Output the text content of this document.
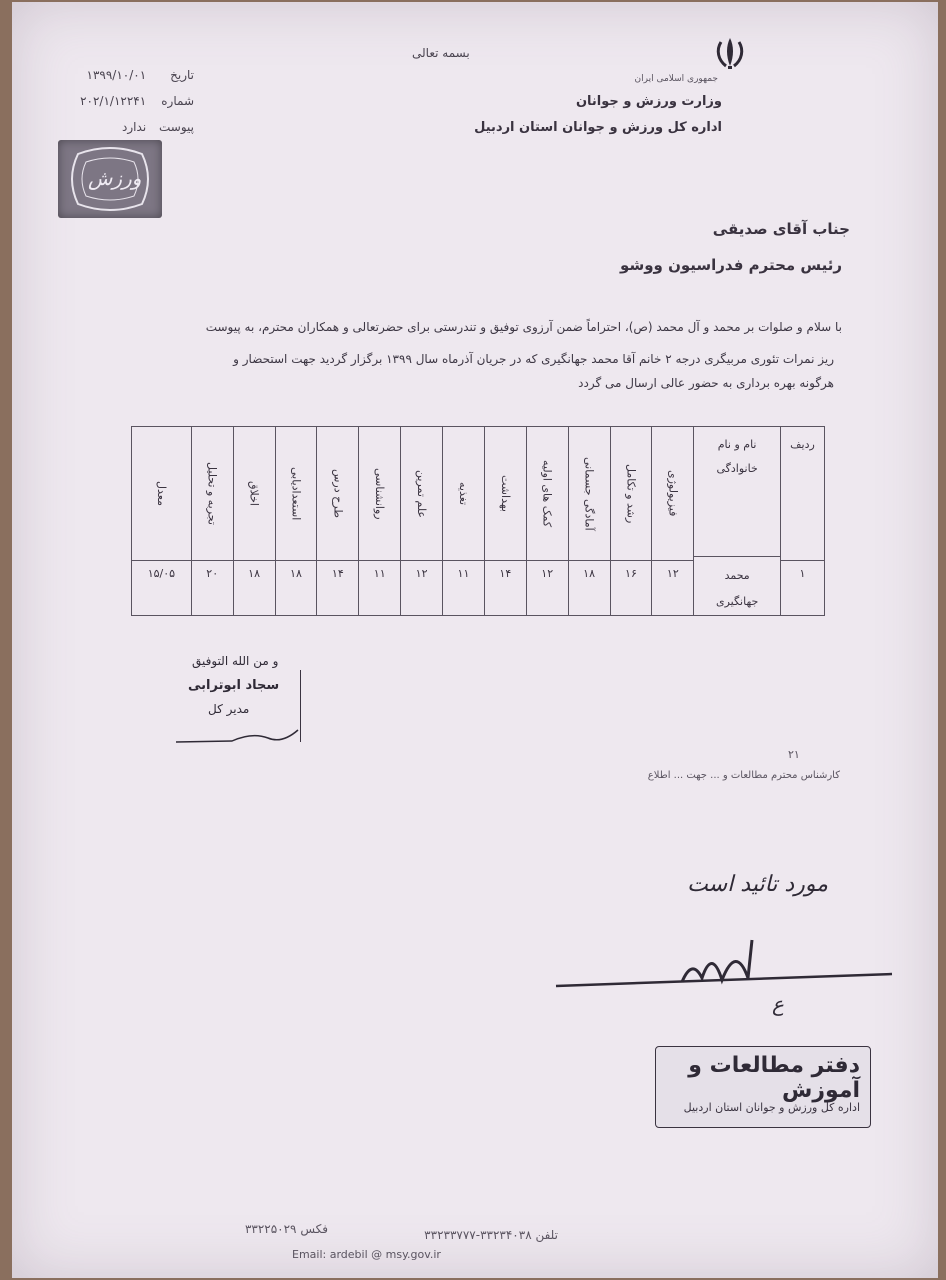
بسمه تعالی
جمهوری اسلامی ایران
وزارت ورزش و جوانان
اداره کل ورزش و جوانان استان اردبیل
تاریخ ۱۳۹۹/۱۰/۰۱
شماره ۲۰۲/۱/۱۲۲۴۱
پیوست ندارد
ورزش
جناب آقای صدیقی
رئیس محترم فدراسیون ووشو
با سلام و صلوات بر محمد و آل محمد (ص)، احتراماً ضمن آرزوی توفیق و تندرستی برای حضرتعالی و همکاران محترم، به پیوست
ریز نمرات تئوری مربیگری درجه ۲ خانم آقا محمد جهانگیری که در جریان آذرماه سال ۱۳۹۹ برگزار گردید جهت استحضار و
هرگونه بهره برداری به حضور عالی ارسال می گردد
ردیف
۱
نام و نام خانوادگی
محمد جهانگیری
فیزیولوژی
۱۲
رشد و تکامل
۱۶
آمادگی جسمانی
۱۸
کمک های اولیه
۱۲
بهداشت
۱۴
تغذیه
۱۱
علم تمرین
۱۲
روانشناسی
۱۱
طرح درس
۱۴
استعدادیابی
۱۸
اخلاق
۱۸
تجربه و تحلیل
۲۰
معدل
۱۵/۰۵
و من الله التوفیق
سجاد ابوترابی
مدیر کل
۲۱
کارشناس محترم مطالعات و ... جهت ... اطلاع
مورد تائید است
ع
دفتر مطالعات و آموزش
اداره کل ورزش و جوانان استان اردبیل
تلفن ۳۳۲۳۴۰۳۸-۳۳۲۳۳۷۷۷
فکس ۳۳۲۲۵۰۲۹
Email: ardebil @ msy.gov.ir
